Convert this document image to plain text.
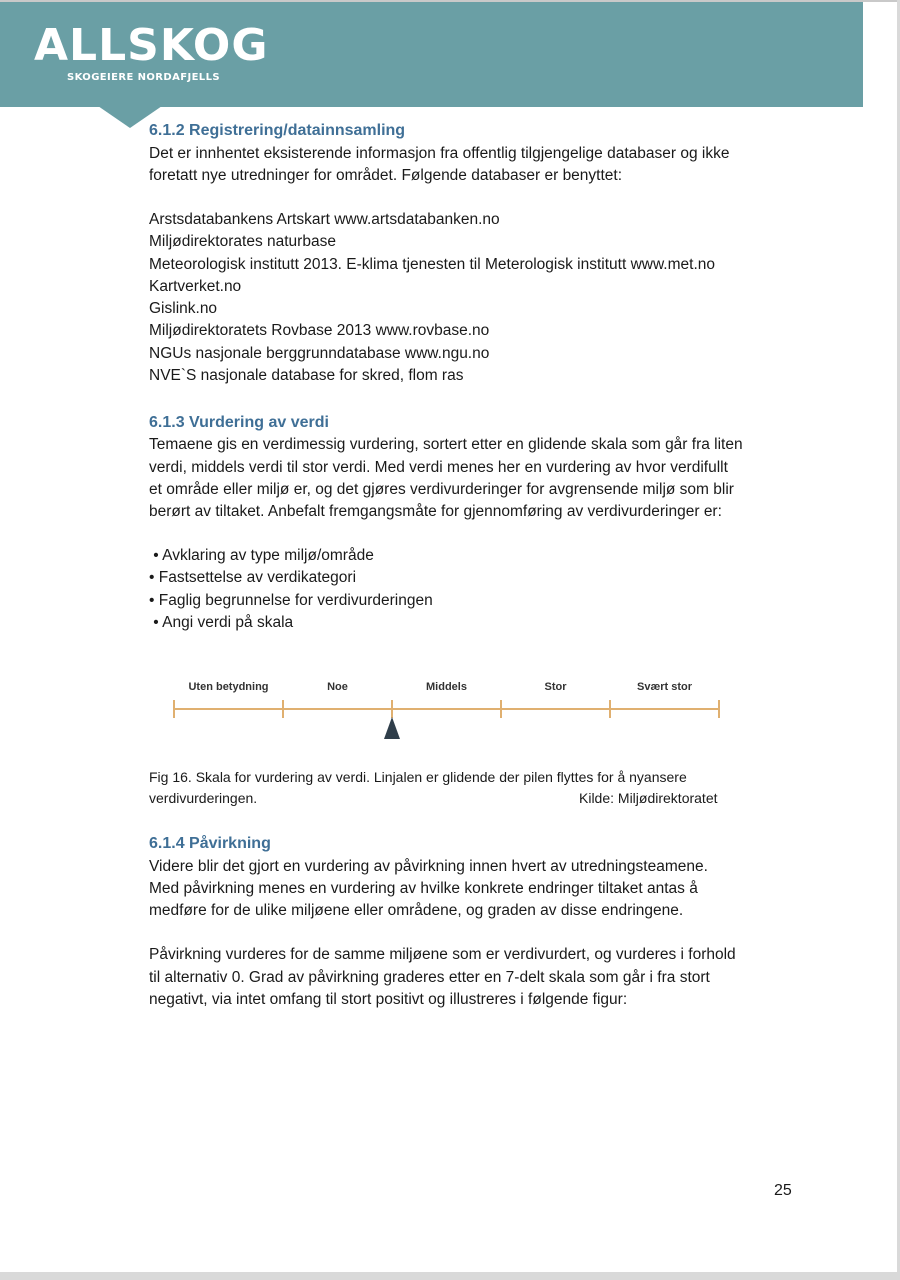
ALLSKOG
SKOGEIERE NORDAFJELLS
6.1.2 Registrering/datainnsamling
Det er innhentet eksisterende informasjon fra offentlig tilgjengelige databaser og ikke
foretatt nye utredninger for området. Følgende databaser er benyttet:
Arstsdatabankens Artskart www.artsdatabanken.no
Miljødirektorates naturbase
Meteorologisk institutt 2013. E-klima tjenesten til Meterologisk institutt www.met.no
Kartverket.no
Gislink.no
Miljødirektoratets Rovbase 2013 www.rovbase.no
NGUs nasjonale berggrunndatabase www.ngu.no
NVE`S nasjonale database for skred, flom ras
6.1.3 Vurdering av verdi
Temaene gis en verdimessig vurdering, sortert etter en glidende skala som går fra liten
verdi, middels verdi til stor verdi. Med verdi menes her en vurdering av hvor verdifullt
et område eller miljø er, og det gjøres verdivurderinger for avgrensende miljø som blir
berørt av tiltaket. Anbefalt fremgangsmåte for gjennomføring av verdivurderinger er:
• Avklaring av type miljø/område
• Fastsettelse av verdikategori
• Faglig begrunnelse for verdivurderingen
• Angi verdi på skala
Fig 16. Skala for vurdering av verdi. Linjalen er glidende der pilen flyttes for å nyansere
verdivurderingen.	Kilde: Miljødirektoratet
6.1.4 Påvirkning
Videre blir det gjort en vurdering av påvirkning innen hvert av utredningsteamene.
Med påvirkning menes en vurdering av hvilke konkrete endringer tiltaket antas å
medføre for de ulike miljøene eller områdene, og graden av disse endringene.
Påvirkning vurderes for de samme miljøene som er verdivurdert, og vurderes i forhold
til alternativ 0. Grad av påvirkning graderes etter en 7-delt skala som går i fra stort
negativt, via intet omfang til stort positivt og illustreres i følgende figur:
Uten betydning	Noe	Middels	Stor	Svært stor
25
